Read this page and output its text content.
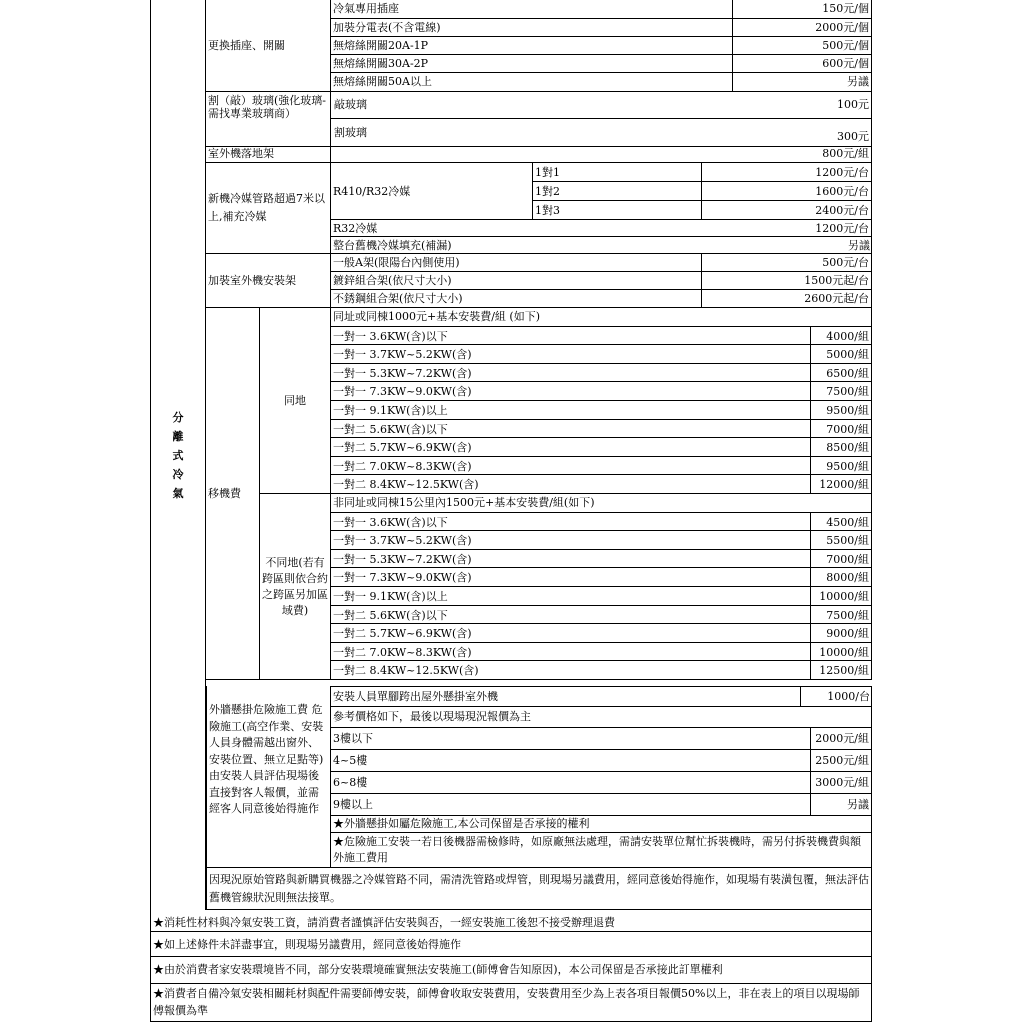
分離式冷氣
更換插座、開關
冷氣專用插座	150元/個
加裝分電表(不含電線)	2000元/個
無熔絲開關20A-1P	500元/個
無熔絲開關30A-2P	600元/個
無熔絲開關50A以上	另議
割（敲）玻璃(強化玻璃-需找專業玻璃商）
敲玻璃	100元
割玻璃	300元
室外機落地架	800元/組
新機冷媒管路超過7米以上,補充冷媒
R410/R32冷媒
1對1	1200元/台
1對2	1600元/台
1對3	2400元/台
R32冷媒	1200元/台
整台舊機冷媒填充(補漏)	另議
加裝室外機安裝架
一般A架(限陽台內側使用)	500元/台
鍍鋅組合架(依尺寸大小)	1500元起/台
不銹鋼組合架(依尺寸大小)	2600元起/台
移機費
同地
不同地(若有跨區則依合約之跨區另加區域費)
同址或同棟1000元+基本安裝費/組 (如下)
一對一 3.6KW(含)以下	4000/組
一對一 3.7KW~5.2KW(含)	5000/組
一對一 5.3KW~7.2KW(含)	6500/組
一對一 7.3KW~9.0KW(含)	7500/組
一對一 9.1KW(含)以上	9500/組
一對二 5.6KW(含)以下	7000/組
一對二 5.7KW~6.9KW(含)	8500/組
一對二 7.0KW~8.3KW(含)	9500/組
一對二 8.4KW~12.5KW(含)	12000/組
非同址或同棟15公里內1500元+基本安裝費/組(如下)
一對一 3.6KW(含)以下	4500/組
一對一 3.7KW~5.2KW(含)	5500/組
一對一 5.3KW~7.2KW(含)	7000/組
一對一 7.3KW~9.0KW(含)	8000/組
一對一 9.1KW(含)以上	10000/組
一對二 5.6KW(含)以下	7500/組
一對二 5.7KW~6.9KW(含)	9000/組
一對二 7.0KW~8.3KW(含)	10000/組
一對二 8.4KW~12.5KW(含)	12500/組
外牆懸掛危險施工費 危險施工(高空作業、安裝人員身體需越出窗外、安裝位置、無立足點等)由安裝人員評估現場後直接對客人報價，並需經客人同意後始得施作
安裝人員單腳跨出屋外懸掛室外機	1000/台
參考價格如下，最後以現場現況報價為主
3樓以下	2000元/組
4~5樓	2500元/組
6~8樓	3000元/組
9樓以上	另議
★外牆懸掛如屬危險施工,本公司保留是否承接的權利
★危險施工安裝一若日後機器需檢修時，如原廠無法處理，需請安裝單位幫忙拆裝機時，需另付拆裝機費與額外施工費用
因現況原始管路與新購買機器之冷媒管路不同，需清洗管路或焊管，則現場另議費用，經同意後始得施作，如現場有裝潢包覆，無法評估舊機管線狀況則無法接單。
★消耗性材料與冷氣安裝工資，請消費者謹慎評估安裝與否，一經安裝施工後恕不接受辦理退費
★如上述條件未詳盡事宜，則現場另議費用，經同意後始得施作
★由於消費者家安裝環境皆不同，部分安裝環境確實無法安裝施工(師傅會告知原因)，本公司保留是否承接此訂單權利
★消費者自備冷氣安裝相關耗材與配件需要師傅安裝，師傅會收取安裝費用，安裝費用至少為上表各項目報價50%以上，非在表上的項目以現場師傅報價為準
